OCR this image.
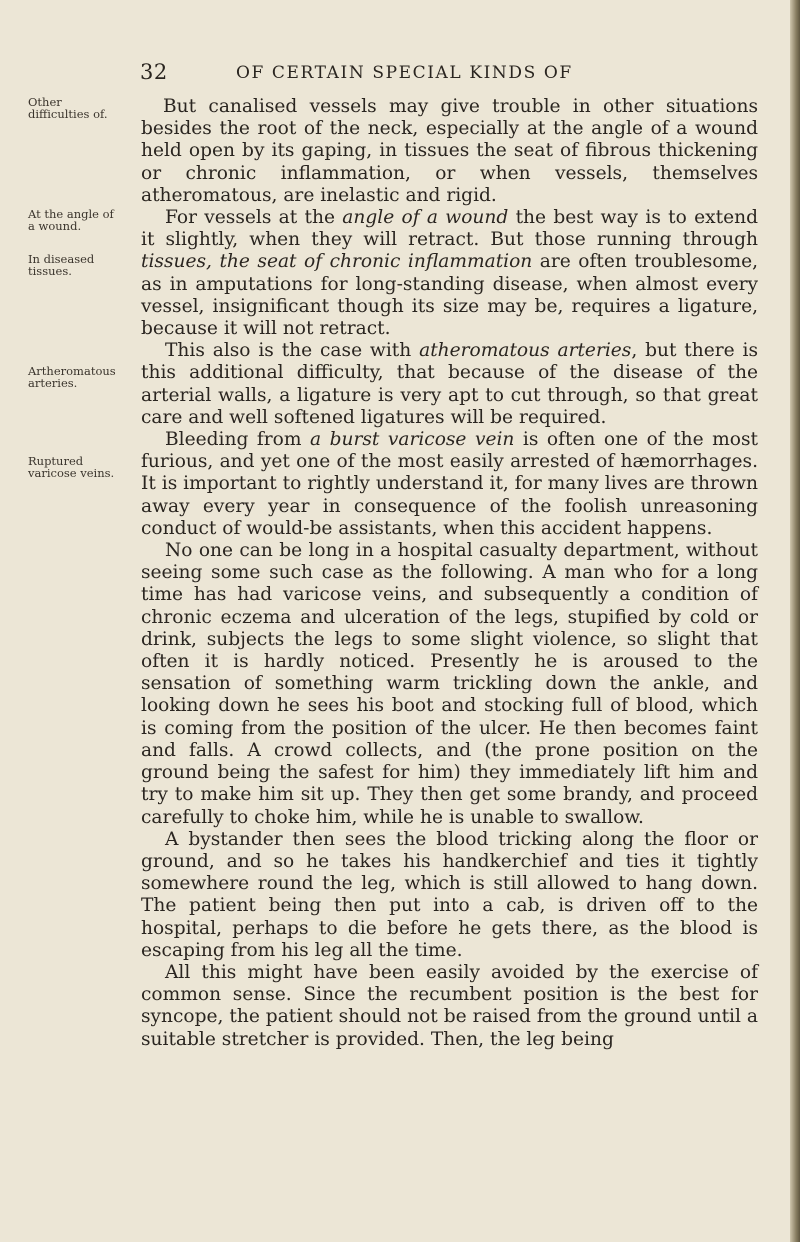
32	OF CERTAIN SPECIAL KINDS OF
Other
difficulties of.
At the angle of
a wound.
In diseased
tissues.
Artheromatous
arteries.
Ruptured
varicose veins.

But canalised vessels may give trouble in other situations besides the root of the neck, especially at the angle of a wound held open by its gaping, in tissues the seat of fibrous thickening or chronic inflammation, or when vessels, themselves atheromatous, are inelastic and rigid.

For vessels at the angle of a wound the best way is to extend it slightly, when they will retract. But those running through tissues, the seat of chronic inflammation are often troublesome, as in amputations for long-standing disease, when almost every vessel, insignificant though its size may be, requires a ligature, because it will not retract.

This also is the case with atheromatous arteries, but there is this additional difficulty, that because of the disease of the arterial walls, a ligature is very apt to cut through, so that great care and well softened ligatures will be required.

Bleeding from a burst varicose vein is often one of the most furious, and yet one of the most easily arrested of hæmorrhages. It is important to rightly understand it, for many lives are thrown away every year in consequence of the foolish unreasoning conduct of would-be assistants, when this accident happens.

No one can be long in a hospital casualty department, without seeing some such case as the following. A man who for a long time has had varicose veins, and subsequently a condition of chronic eczema and ulceration of the legs, stupified by cold or drink, subjects the legs to some slight violence, so slight that often it is hardly noticed. Presently he is aroused to the sensation of something warm trickling down the ankle, and looking down he sees his boot and stocking full of blood, which is coming from the position of the ulcer. He then becomes faint and falls. A crowd collects, and (the prone position on the ground being the safest for him) they immediately lift him and try to make him sit up. They then get some brandy, and proceed carefully to choke him, while he is unable to swallow.

A bystander then sees the blood tricking along the floor or ground, and so he takes his handkerchief and ties it tightly somewhere round the leg, which is still allowed to hang down. The patient being then put into a cab, is driven off to the hospital, perhaps to die before he gets there, as the blood is escaping from his leg all the time.

All this might have been easily avoided by the exercise of common sense. Since the recumbent position is the best for syncope, the patient should not be raised from the ground until a suitable stretcher is provided. Then, the leg being
